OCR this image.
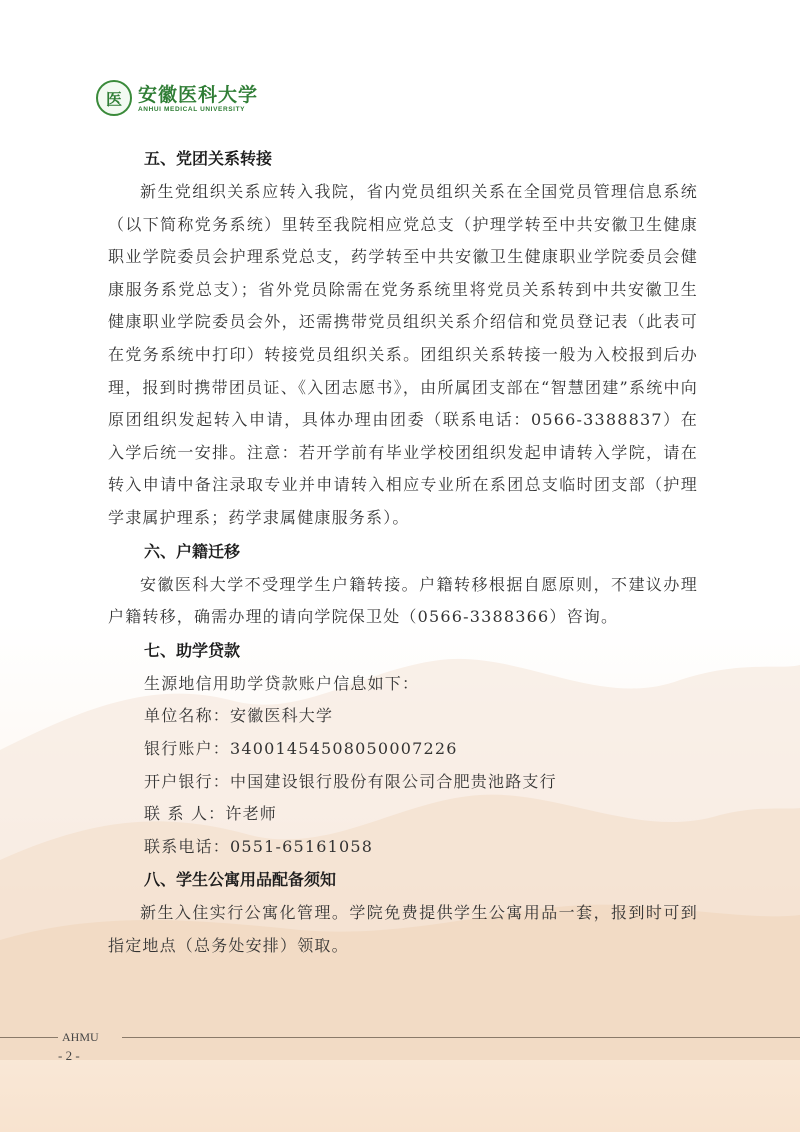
医 安徽医科大学
ANHUI MEDICAL UNIVERSITY
五、党团关系转接

新生党组织关系应转入我院，省内党员组织关系在全国党员管理信息系统（以下简称党务系统）里转至我院相应党总支（护理学转至中共安徽卫生健康职业学院委员会护理系党总支，药学转至中共安徽卫生健康职业学院委员会健康服务系党总支）；省外党员除需在党务系统里将党员关系转到中共安徽卫生健康职业学院委员会外，还需携带党员组织关系介绍信和党员登记表（此表可在党务系统中打印）转接党员组织关系。团组织关系转接一般为入校报到后办理，报到时携带团员证、《入团志愿书》，由所属团支部在“智慧团建”系统中向原团组织发起转入申请，具体办理由团委（联系电话：0566-3388837）在入学后统一安排。注意：若开学前有毕业学校团组织发起申请转入学院，请在转入申请中备注录取专业并申请转入相应专业所在系团总支临时团支部（护理学隶属护理系；药学隶属健康服务系）。

六、户籍迁移

安徽医科大学不受理学生户籍转接。户籍转移根据自愿原则，不建议办理户籍转移，确需办理的请向学院保卫处（0566-3388366）咨询。

七、助学贷款

生源地信用助学贷款账户信息如下：

单位名称：安徽医科大学

银行账户：34001454508050007226

开户银行：中国建设银行股份有限公司合肥贵池路支行

联 系 人：许老师

联系电话：0551-65161058

八、学生公寓用品配备须知

新生入住实行公寓化管理。学院免费提供学生公寓用品一套，报到时可到指定地点（总务处安排）领取。

AHMU
- 2 -
